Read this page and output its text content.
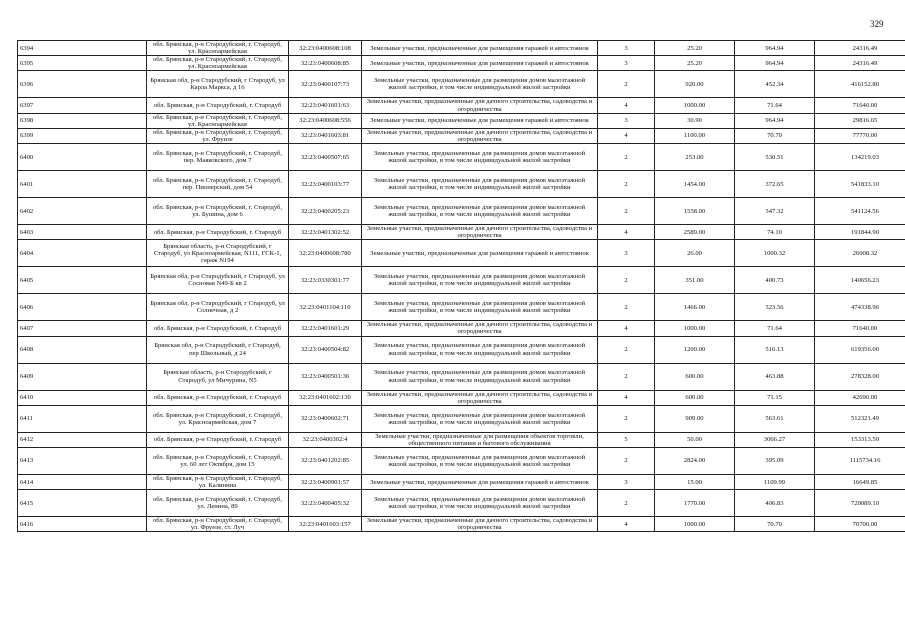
329
6394	обл. Брянская, р-н Стародубский, г. Стародуб, ул. Красноармейская	32:23:0400608:108	Земельные участки, предназначенные для размещения гаражей и автостоянок	3	25.20	964.94	24316.49
6395	обл. Брянская, р-н Стародубский, г. Стародуб, ул. Красноармейская	32:23:0400608:85	Земельные участки, предназначенные для размещения гаражей и автостоянок	3	25.20	964.94	24316.49
6396	Брянская обл, р-н Стародубский, г Стародуб, ул Карла Маркса, д 16	32:23:0400107:73	Земельные участки, предназначенные для размещения домов малоэтажной жилой застройки, в том числе индивидуальной жилой застройки	2	920.00	452.34	416152.80
6397	обл. Брянская, р-н Стародубский, г. Стародуб	32:23:0401601:63	Земельные участки, предназначенные для дачного строительства, садоводства и огородничества	4	1000.00	71.64	71640.00
6398	обл. Брянская, р-н Стародубский, г. Стародуб, ул. Красноармейская	32:23:0400608:556	Земельные участки, предназначенные для размещения гаражей и автостоянок	3	30.90	964.94	29816.65
6399	обл. Брянская, р-н Стародубский, г. Стародуб, ул. Фрунзе	32:23:0401603:81	Земельные участки, предназначенные для дачного строительства, садоводства и огородничества	4	1100.00	70.70	77770.00
6400	обл. Брянская, р-н Стародубский, г. Стародуб, пер. Маяковского, дом 7	32:23:0400507:65	Земельные участки, предназначенные для размещения домов малоэтажной жилой застройки, в том числе индивидуальной жилой застройки	2	253.00	530.51	134219.03
6401	обл. Брянская, р-н Стародубский, г. Стародуб, пер. Пионерский, дом 54	32:23:0400103:77	Земельные участки, предназначенные для размещения домов малоэтажной жилой застройки, в том числе индивидуальной жилой застройки	2	1454.00	372.65	541833.10
6402	обл. Брянская, р-н Стародубский, г. Стародуб, ул. Бушина, дом 6	32:23:0400205:23	Земельные участки, предназначенные для размещения домов малоэтажной жилой застройки, в том числе индивидуальной жилой застройки	2	1558.00	347.32	541124.56
6403	обл. Брянская, р-н Стародубский, г. Стародуб	32:23:0401302:52	Земельные участки, предназначенные для дачного строительства, садоводства и огородничества	4	2589.00	74.10	191844.90
6404	Брянская область, р-н Стародубский, г Стародуб, ул Красноармейская, N111, ГСК-1, гараж N194	32:23:0400608:780	Земельные участки, предназначенные для размещения гаражей и автостоянок	3	26.00	1000.32	26008.32
6405	Брянская обл, р-н Стародубский, г Стародуб, ул Сосновая N49-Б кв 2	32:23:0330301:77	Земельные участки, предназначенные для размещения домов малоэтажной жилой застройки, в том числе индивидуальной жилой застройки	2	351.00	400.73	140656.23
6406	Брянская обл, р-н Стародубский, г Стародуб, ул Солнечная, д 2	32:23:0401104:110	Земельные участки, предназначенные для размещения домов малоэтажной жилой застройки, в том числе индивидуальной жилой застройки	2	1466.00	323.56	474338.96
6407	обл. Брянская, р-н Стародубский, г. Стародуб	32:23:0401601:29	Земельные участки, предназначенные для дачного строительства, садоводства и огородничества	4	1000.00	71.64	71640.00
6408	Брянская обл, р-н Стародубский, г Стародуб, пер Школьный, д 24	32:23:0400504:82	Земельные участки, предназначенные для размещения домов малоэтажной жилой застройки, в том числе индивидуальной жилой застройки	2	1200.00	516.13	619356.00
6409	Брянская область, р-н Стародубский, г Стародуб, ул Мичурина, N5	32:23:0400501:36	Земельные участки, предназначенные для размещения домов малоэтажной жилой застройки, в том числе индивидуальной жилой застройки	2	600.00	463.88	278328.00
6410	обл. Брянская, р-н Стародубский, г. Стародуб	32:23:0401602:130	Земельные участки, предназначенные для дачного строительства, садоводства и огородничества	4	600.00	71.15	42690.00
6411	обл. Брянская, р-н Стародубский, г. Стародуб, ул. Красноармейская, дом 7	32:23:0400602:71	Земельные участки, предназначенные для размещения домов малоэтажной жилой застройки, в том числе индивидуальной жилой застройки	2	909.00	563.61	512321.49
6412	обл. Брянская, р-н Стародубский, г. Стародуб	32:23:0400302:4	Земельные участки, предназначенные для размещения объектов торговли, общественного питания и бытового обслуживания	5	50.00	3066.27	153313.50
6413	обл. Брянская, р-н Стародубский, г. Стародуб, ул. 60 лет Октября, дом 15	32:23:0401202:85	Земельные участки, предназначенные для размещения домов малоэтажной жилой застройки, в том числе индивидуальной жилой застройки	2	2824.00	395.09	1115734.16
6414	обл. Брянская, р-н Стародубский, г. Стародуб, ул. Калинина	32:23:0400901:57	Земельные участки, предназначенные для размещения гаражей и автостоянок	3	15.00	1109.99	16649.85
6415	обл. Брянская, р-н Стародубский, г. Стародуб, ул. Ленина, 89	32:23:0400405:32	Земельные участки, предназначенные для размещения домов малоэтажной жилой застройки, в том числе индивидуальной жилой застройки	2	1770.00	406.83	720089.10
6416	обл. Брянская, р-н Стародубский, г. Стародуб, ул. Фрунзе, ст. Луч	32:23:0401603:157	Земельные участки, предназначенные для дачного строительства, садоводства и огородничества	4	1000.00	70.70	70700.00
